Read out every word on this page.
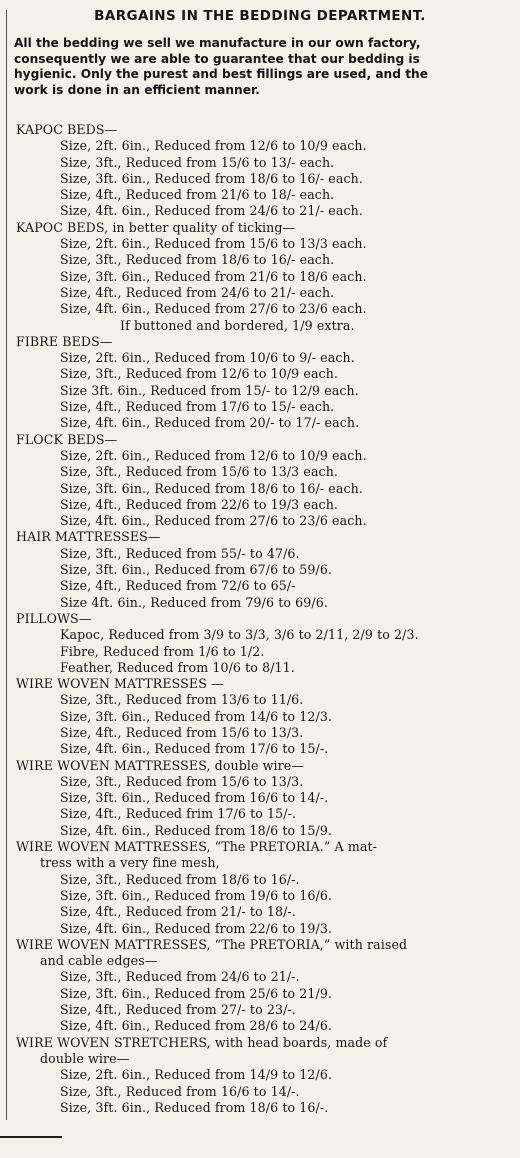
BARGAINS IN THE BEDDING DEPARTMENT.
All the bedding we sell we manufacture in our own factory,
consequently we are able to guarantee that our bedding is
hygienic. Only the purest and best fillings are used, and the
work is done in an efficient manner.
KAPOC BEDS—
Size, 2ft. 6in., Reduced from 12/6 to 10/9 each.
Size, 3ft., Reduced from 15/6 to 13/- each.
Size, 3ft. 6in., Reduced from 18/6 to 16/- each.
Size, 4ft., Reduced from 21/6 to 18/- each.
Size, 4ft. 6in., Reduced from 24/6 to 21/- each.
KAPOC BEDS, in better quality of ticking—
Size, 2ft. 6in., Reduced from 15/6 to 13/3 each.
Size, 3ft., Reduced from 18/6 to 16/- each.
Size, 3ft. 6in., Reduced from 21/6 to 18/6 each.
Size, 4ft., Reduced from 24/6 to 21/- each.
Size, 4ft. 6in., Reduced from 27/6 to 23/6 each.
If buttoned and bordered, 1/9 extra.
FIBRE BEDS—
Size, 2ft. 6in., Reduced from 10/6 to 9/- each.
Size, 3ft., Reduced from 12/6 to 10/9 each.
Size 3ft. 6in., Reduced from 15/- to 12/9 each.
Size, 4ft., Reduced from 17/6 to 15/- each.
Size, 4ft. 6in., Reduced from 20/- to 17/- each.
FLOCK BEDS—
Size, 2ft. 6in., Reduced from 12/6 to 10/9 each.
Size, 3ft., Reduced from 15/6 to 13/3 each.
Size, 3ft. 6in., Reduced from 18/6 to 16/- each.
Size, 4ft., Reduced from 22/6 to 19/3 each.
Size, 4ft. 6in., Reduced from 27/6 to 23/6 each.
HAIR MATTRESSES—
Size, 3ft., Reduced from 55/- to 47/6.
Size, 3ft. 6in., Reduced from 67/6 to 59/6.
Size, 4ft., Reduced from 72/6 to 65/-
Size 4ft. 6in., Reduced from 79/6 to 69/6.
PILLOWS—
Kapoc, Reduced from 3/9 to 3/3, 3/6 to 2/11, 2/9 to 2/3.
Fibre, Reduced from 1/6 to 1/2.
Feather, Reduced from 10/6 to 8/11.
WIRE WOVEN MATTRESSES —
Size, 3ft., Reduced from 13/6 to 11/6.
Size, 3ft. 6in., Reduced from 14/6 to 12/3.
Size, 4ft., Reduced from 15/6 to 13/3.
Size, 4ft. 6in., Reduced from 17/6 to 15/-.
WIRE WOVEN MATTRESSES, double wire—
Size, 3ft., Reduced from 15/6 to 13/3.
Size, 3ft. 6in., Reduced from 16/6 to 14/-.
Size, 4ft., Reduced frim 17/6 to 15/-.
Size, 4ft. 6in., Reduced from 18/6 to 15/9.
WIRE WOVEN MATTRESSES, “The PRETORIA.” A mat-
tress with a very fine mesh,
Size, 3ft., Reduced from 18/6 to 16/-.
Size, 3ft. 6in., Reduced from 19/6 to 16/6.
Size, 4ft., Reduced from 21/- to 18/-.
Size, 4ft. 6in., Reduced from 22/6 to 19/3.
WIRE WOVEN MATTRESSES, “The PRETORIA,” with raised
and cable edges—
Size, 3ft., Reduced from 24/6 to 21/-.
Size, 3ft. 6in., Reduced from 25/6 to 21/9.
Size, 4ft., Reduced from 27/- to 23/-.
Size, 4ft. 6in., Reduced from 28/6 to 24/6.
WIRE WOVEN STRETCHERS, with head boards, made of
double wire—
Size, 2ft. 6in., Reduced from 14/9 to 12/6.
Size, 3ft., Reduced from 16/6 to 14/-.
Size, 3ft. 6in., Reduced from 18/6 to 16/-.
